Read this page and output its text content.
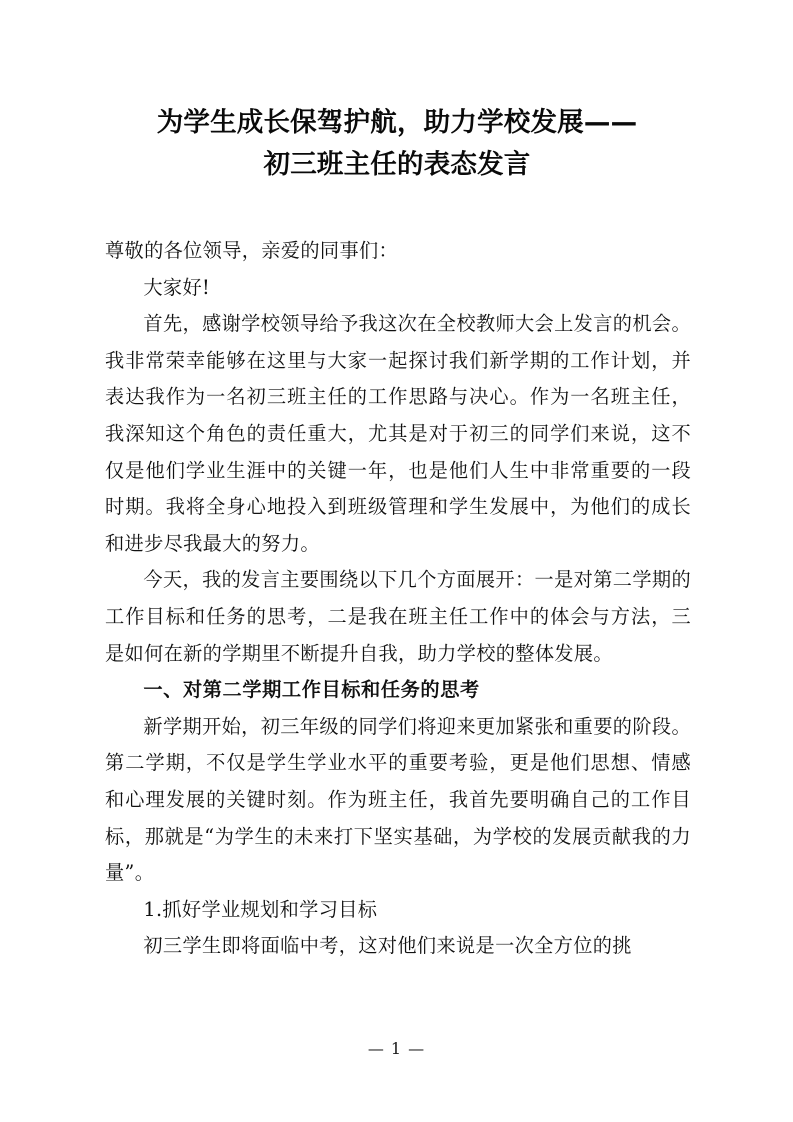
为学生成长保驾护航，助力学校发展——
初三班主任的表态发言

尊敬的各位领导，亲爱的同事们：

大家好!

首先，感谢学校领导给予我这次在全校教师大会上发言的机会。我非常荣幸能够在这里与大家一起探讨我们新学期的工作计划，并表达我作为一名初三班主任的工作思路与决心。作为一名班主任，我深知这个角色的责任重大，尤其是对于初三的同学们来说，这不仅是他们学业生涯中的关键一年，也是他们人生中非常重要的一段时期。我将全身心地投入到班级管理和学生发展中，为他们的成长和进步尽我最大的努力。

今天，我的发言主要围绕以下几个方面展开：一是对第二学期的工作目标和任务的思考，二是我在班主任工作中的体会与方法，三是如何在新的学期里不断提升自我，助力学校的整体发展。

一、对第二学期工作目标和任务的思考

新学期开始，初三年级的同学们将迎来更加紧张和重要的阶段。第二学期，不仅是学生学业水平的重要考验，更是他们思想、情感和心理发展的关键时刻。作为班主任，我首先要明确自己的工作目标，那就是“为学生的未来打下坚实基础，为学校的发展贡献我的力量”。

1.抓好学业规划和学习目标

初三学生即将面临中考，这对他们来说是一次全方位的挑

— 1 —
